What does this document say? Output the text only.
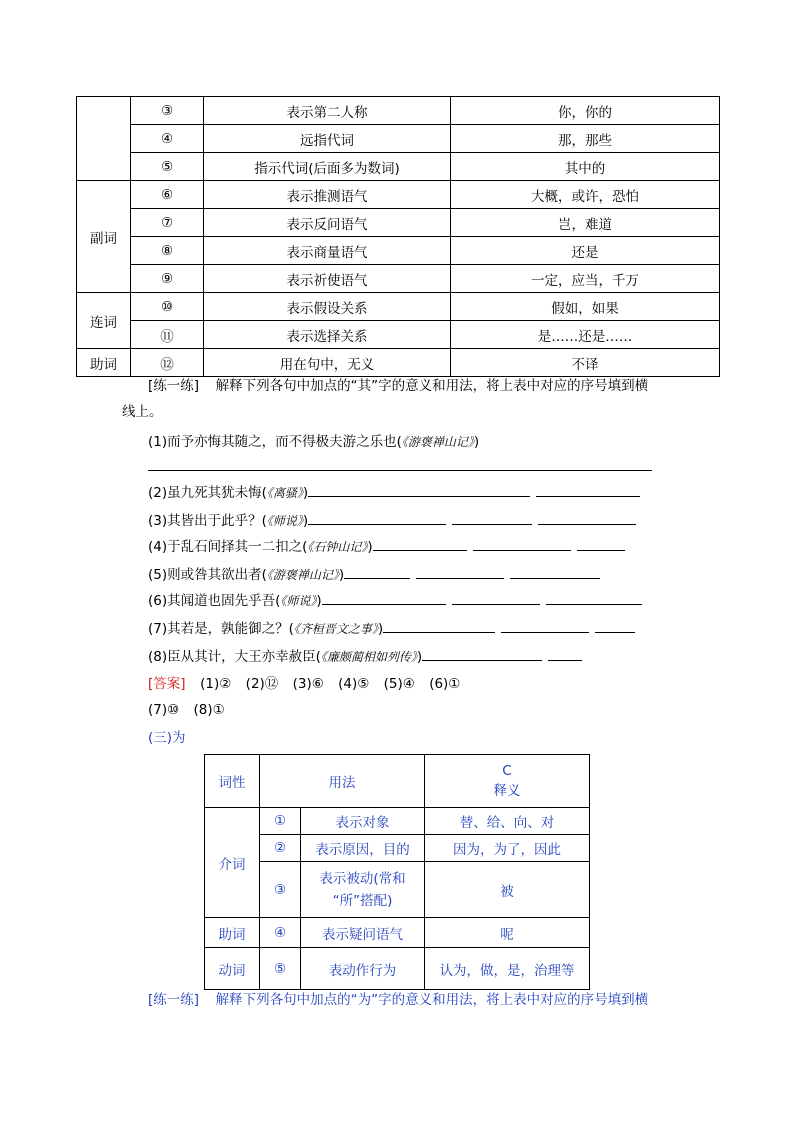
	③	表示第二人称	你，你的
	④	远指代词	那，那些
	⑤	指示代词(后面多为数词)	其中的
副词	⑥	表示推测语气	大概，或许，恐怕
	⑦	表示反问语气	岂，难道
	⑧	表示商量语气	还是
	⑨	表示祈使语气	一定，应当，千万
连词	⑩	表示假设关系	假如，如果
	⑪	表示选择关系	是……还是……
助词	⑫	用在句中，无义	不译
[练一练] 解释下列各句中加点的“其”字的意义和用法，将上表中对应的序号填到横
线上。
(1)而予亦悔其随之，而不得极夫游之乐也(《游褒禅山记》)
(2)虽九死其犹未悔(《离骚》)
(3)其皆出于此乎？(《师说》)
(4)于乱石间择其一二扣之(《石钟山记》)
(5)则或咎其欲出者(《游褒禅山记》)
(6)其闻道也固先乎吾(《师说》)
(7)其若是，孰能御之？(《齐桓晋文之事》)
(8)臣从其计，大王亦幸赦臣(《廉颇蔺相如列传》)
[答案] (1)② (2)⑫ (3)⑥ (4)⑤ (5)④ (6)①
(7)⑩ (8)①
(三)为
词性	用法		C
释义

介词	①	表示对象	替、给、向、对
	②	表示原因，目的	因为，为了，因此
	③	表示被动(常和
“所”搭配)	被
助词	④	表示疑问语气	呢
动词	⑤	表动作行为	认为，做，是，治理等
[练一练] 解释下列各句中加点的“为”字的意义和用法，将上表中对应的序号填到横
